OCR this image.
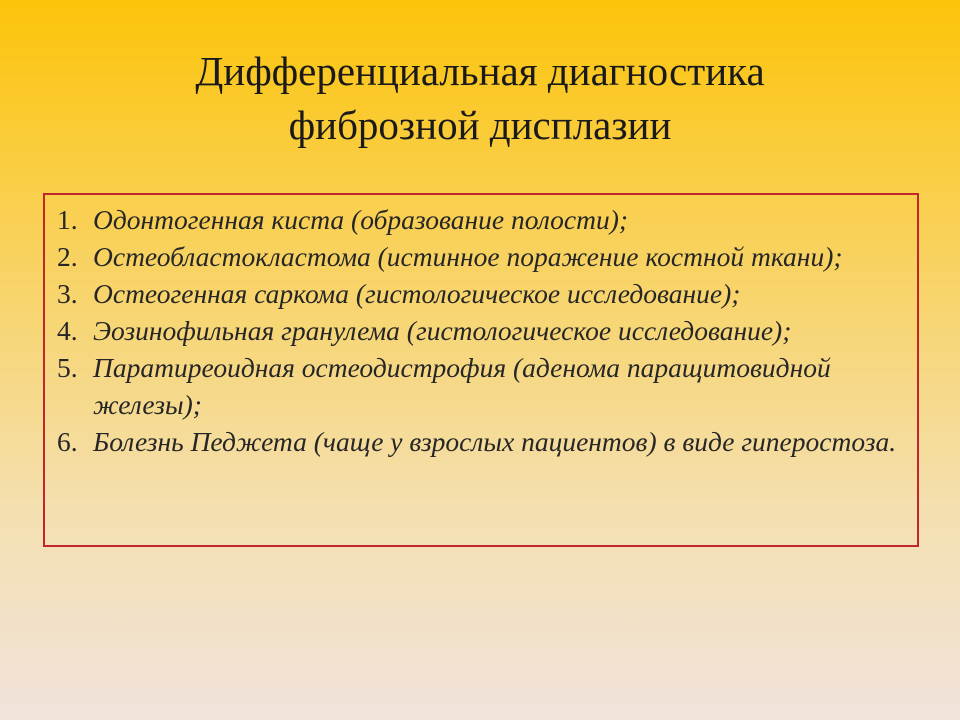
Дифференциальная диагностика
фиброзной дисплазии
1. Одонтогенная киста (образование полости);
2. Остеобластокластома (истинное поражение костной ткани);
3. Остеогенная саркома (гистологическое исследование);
4. Эозинофильная гранулема (гистологическое исследование);
5. Паратиреоидная остеодистрофия (аденома паращитовидной железы);
6. Болезнь Педжета (чаще у взрослых пациентов) в виде гиперостоза.
